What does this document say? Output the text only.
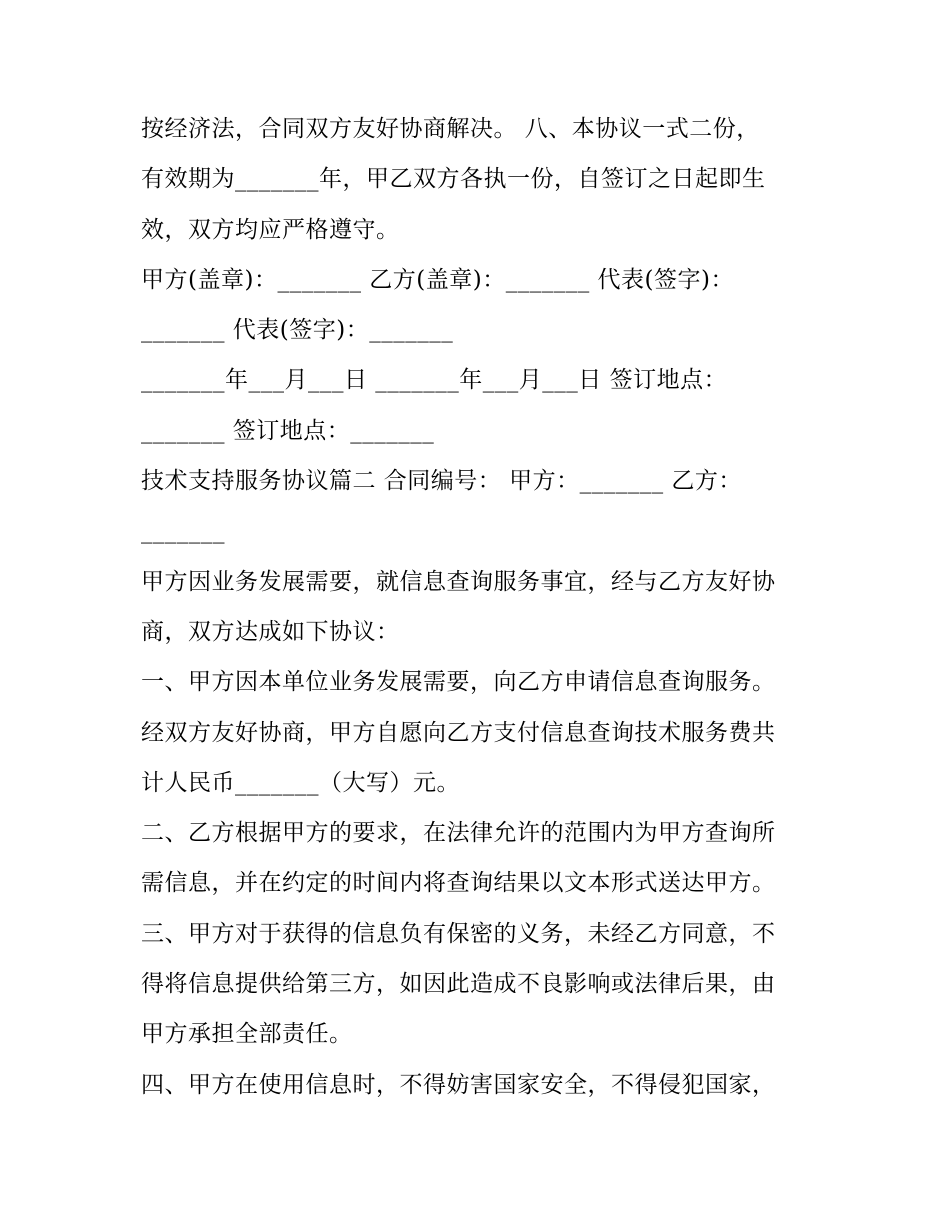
按经济法，合同双方友好协商解决。 八、本协议一式二份，
有效期为_______年，甲乙双方各执一份，自签订之日起即生
效，双方均应严格遵守。
甲方(盖章)：_______ 乙方(盖章)：_______ 代表(签字)：
_______ 代表(签字)：_______
_______年___月___日 _______年___月___日 签订地点：
_______ 签订地点：_______
技术支持服务协议篇二 合同编号： 甲方：_______ 乙方：
_______
甲方因业务发展需要，就信息查询服务事宜，经与乙方友好协
商，双方达成如下协议：
一、甲方因本单位业务发展需要，向乙方申请信息查询服务。
经双方友好协商，甲方自愿向乙方支付信息查询技术服务费共
计人民币_______（大写）元。
二、乙方根据甲方的要求，在法律允许的范围内为甲方查询所
需信息，并在约定的时间内将查询结果以文本形式送达甲方。
三、甲方对于获得的信息负有保密的义务，未经乙方同意，不
得将信息提供给第三方，如因此造成不良影响或法律后果，由
甲方承担全部责任。
四、甲方在使用信息时，不得妨害国家安全，不得侵犯国家，
